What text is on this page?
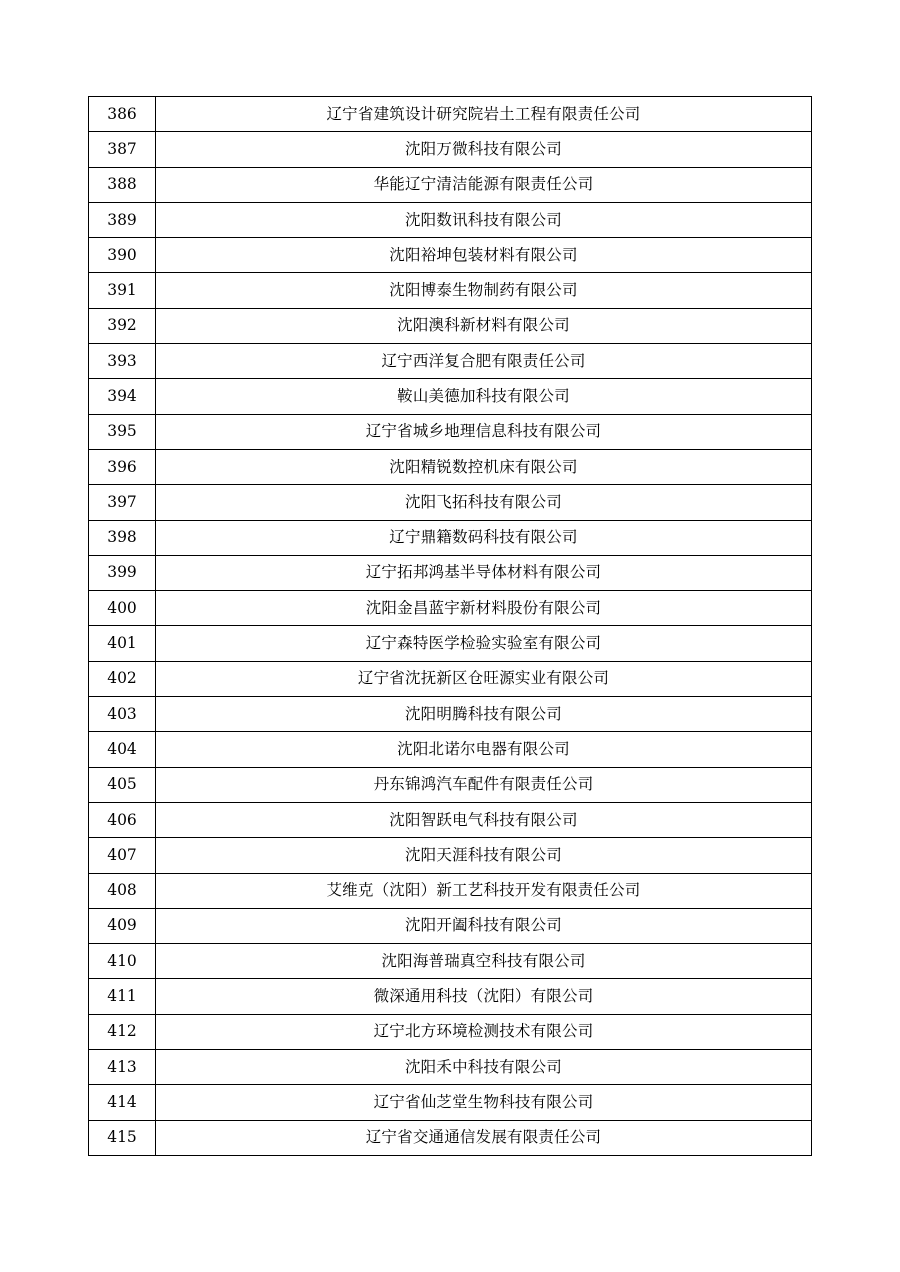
386	辽宁省建筑设计研究院岩土工程有限责任公司
387	沈阳万微科技有限公司
388	华能辽宁清洁能源有限责任公司
389	沈阳数讯科技有限公司
390	沈阳裕坤包装材料有限公司
391	沈阳博泰生物制药有限公司
392	沈阳澳科新材料有限公司
393	辽宁西洋复合肥有限责任公司
394	鞍山美德加科技有限公司
395	辽宁省城乡地理信息科技有限公司
396	沈阳精锐数控机床有限公司
397	沈阳飞拓科技有限公司
398	辽宁鼎籍数码科技有限公司
399	辽宁拓邦鸿基半导体材料有限公司
400	沈阳金昌蓝宇新材料股份有限公司
401	辽宁森特医学检验实验室有限公司
402	辽宁省沈抚新区仓旺源实业有限公司
403	沈阳明腾科技有限公司
404	沈阳北诺尔电器有限公司
405	丹东锦鸿汽车配件有限责任公司
406	沈阳智跃电气科技有限公司
407	沈阳天涯科技有限公司
408	艾维克（沈阳）新工艺科技开发有限责任公司
409	沈阳开阖科技有限公司
410	沈阳海普瑞真空科技有限公司
411	微深通用科技（沈阳）有限公司
412	辽宁北方环境检测技术有限公司
413	沈阳禾中科技有限公司
414	辽宁省仙芝堂生物科技有限公司
415	辽宁省交通通信发展有限责任公司
